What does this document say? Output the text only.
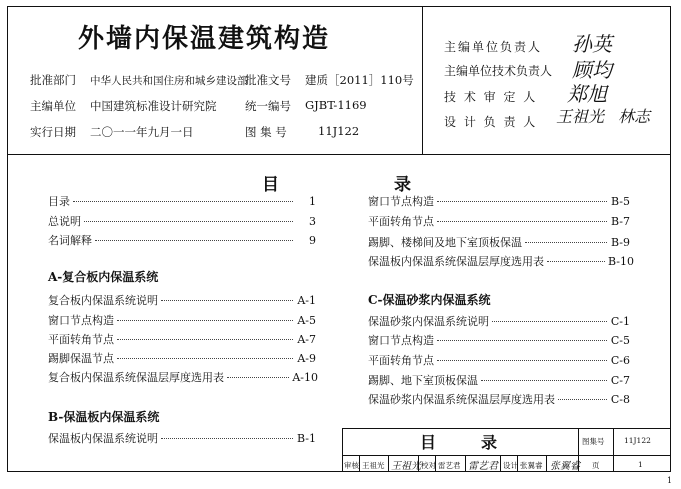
外墙内保温建筑构造
批准部门 中华人民共和国住房和城乡建设部
批准文号 建质［2011］110号
主编单位 中国建筑标准设计研究院 统一编号 GJBT-1169
实行日期 二〇一一年九月一日	图 集 号	11J122
主编单位负责人 孙英
主编单位技术负责人 顾均
技 术 审 定 人 郑旭
设 计 负 责 人 王祖光 林志
目	录
目录	1
总说明	3
名词解释	9
A-复合板内保温系统
复合板内保温系统说明	A-1
窗口节点构造	A-5
平面转角节点	A-7
踢脚保温节点	A-9
复合板内保温系统保温层厚度选用表	A-10
B-保温板内保温系统
保温板内保温系统说明	B-1
窗口节点构造	B-5
平面转角节点	B-7
踢脚、楼梯间及地下室顶板保温	B-9
保温板内保温系统保温层厚度选用表	B-10
C-保温砂浆内保温系统
保温砂浆内保温系统说明	C-1
窗口节点构造	C-5
平面转角节点	C-6
踢脚、地下室顶板保温	C-7
保温砂浆内保温系统保温层厚度选用表	C-8
目	录	图集号	11J122
审核 王祖光 王祖光 校对 雷艺君 雷艺君 设计 张翼睿 张翼睿 页	1
1
